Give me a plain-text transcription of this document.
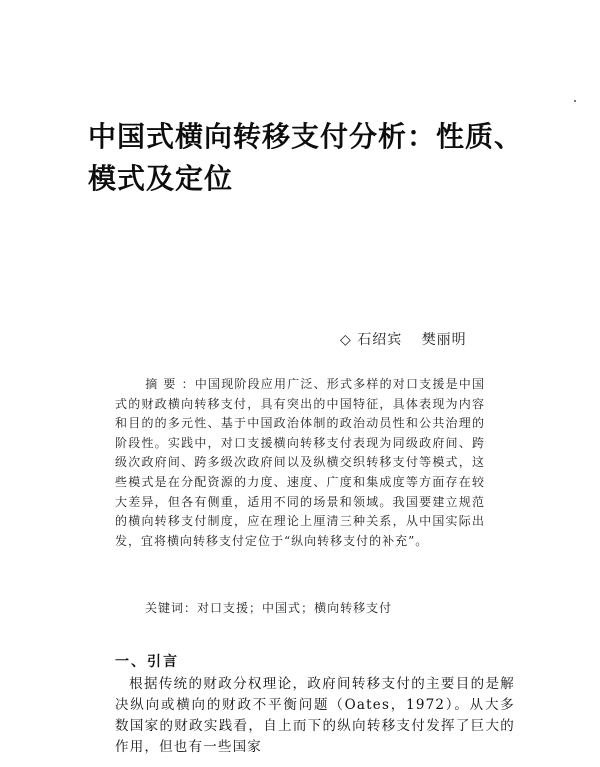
中国式横向转移支付分析：性质、模式及定位
◇ 石绍宾 樊丽明
摘要：中国现阶段应用广泛、形式多样的对口支援是中国式的财政横向转移支付，具有突出的中国特征，具体表现为内容和目的的多元性、基于中国政治体制的政治动员性和公共治理的阶段性。实践中，对口支援横向转移支付表现为同级政府间、跨级次政府间、跨多级次政府间以及纵横交织转移支付等模式，这些模式是在分配资源的力度、速度、广度和集成度等方面存在较大差异，但各有侧重，适用不同的场景和领域。我国要建立规范的横向转移支付制度，应在理论上厘清三种关系，从中国实际出发，宜将横向转移支付定位于“纵向转移支付的补充”。
关键词：对口支援；中国式；横向转移支付
一、引言
根据传统的财政分权理论，政府间转移支付的主要目的是解决纵向或横向的财政不平衡问题（Oates，1972）。从大多数国家的财政实践看，自上而下的纵向转移支付发挥了巨大的作用，但也有一些国家
